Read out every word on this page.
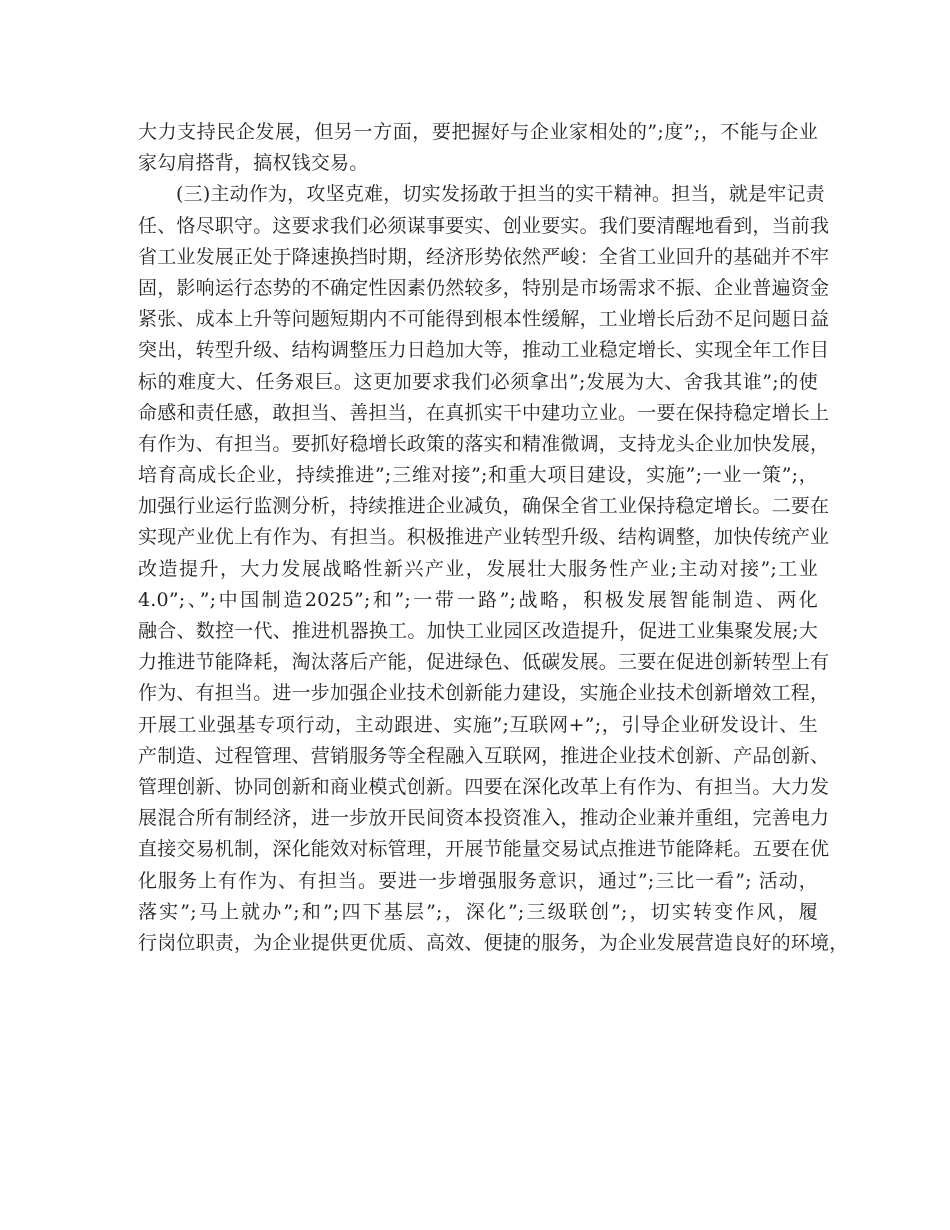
大力支持民企发展，但另一方面，要把握好与企业家相处的”;度”;，不能与企业
家勾肩搭背，搞权钱交易。
(三)主动作为，攻坚克难，切实发扬敢于担当的实干精神。担当，就是牢记责
任、恪尽职守。这要求我们必须谋事要实、创业要实。我们要清醒地看到，当前我
省工业发展正处于降速换挡时期，经济形势依然严峻：全省工业回升的基础并不牢
固，影响运行态势的不确定性因素仍然较多，特别是市场需求不振、企业普遍资金
紧张、成本上升等问题短期内不可能得到根本性缓解，工业增长后劲不足问题日益
突出，转型升级、结构调整压力日趋加大等，推动工业稳定增长、实现全年工作目
标的难度大、任务艰巨。这更加要求我们必须拿出”;发展为大、舍我其谁”;的使
命感和责任感，敢担当、善担当，在真抓实干中建功立业。一要在保持稳定增长上
有作为、有担当。要抓好稳增长政策的落实和精准微调，支持龙头企业加快发展，
培育高成长企业，持续推进”;三维对接”;和重大项目建设，实施”;一业一策”;，
加强行业运行监测分析，持续推进企业减负，确保全省工业保持稳定增长。二要在
实现产业优上有作为、有担当。积极推进产业转型升级、结构调整，加快传统产业
改造提升，大力发展战略性新兴产业，发展壮大服务性产业;主动对接”;工业
4.0”;、”;中国制造2025”;和”;一带一路”;战略，积极发展智能制造、两化
融合、数控一代、推进机器换工。加快工业园区改造提升，促进工业集聚发展;大
力推进节能降耗，淘汰落后产能，促进绿色、低碳发展。三要在促进创新转型上有
作为、有担当。进一步加强企业技术创新能力建设，实施企业技术创新增效工程，
开展工业强基专项行动，主动跟进、实施”;互联网+”;，引导企业研发设计、生
产制造、过程管理、营销服务等全程融入互联网，推进企业技术创新、产品创新、
管理创新、协同创新和商业模式创新。四要在深化改革上有作为、有担当。大力发
展混合所有制经济，进一步放开民间资本投资准入，推动企业兼并重组，完善电力
直接交易机制，深化能效对标管理，开展节能量交易试点推进节能降耗。五要在优
化服务上有作为、有担当。要进一步增强服务意识，通过”;三比一看”; 活动，
落实”;马上就办”;和”;四下基层”;，深化”;三级联创”;，切实转变作风，履
行岗位职责，为企业提供更优质、高效、便捷的服务，为企业发展营造良好的环境，
